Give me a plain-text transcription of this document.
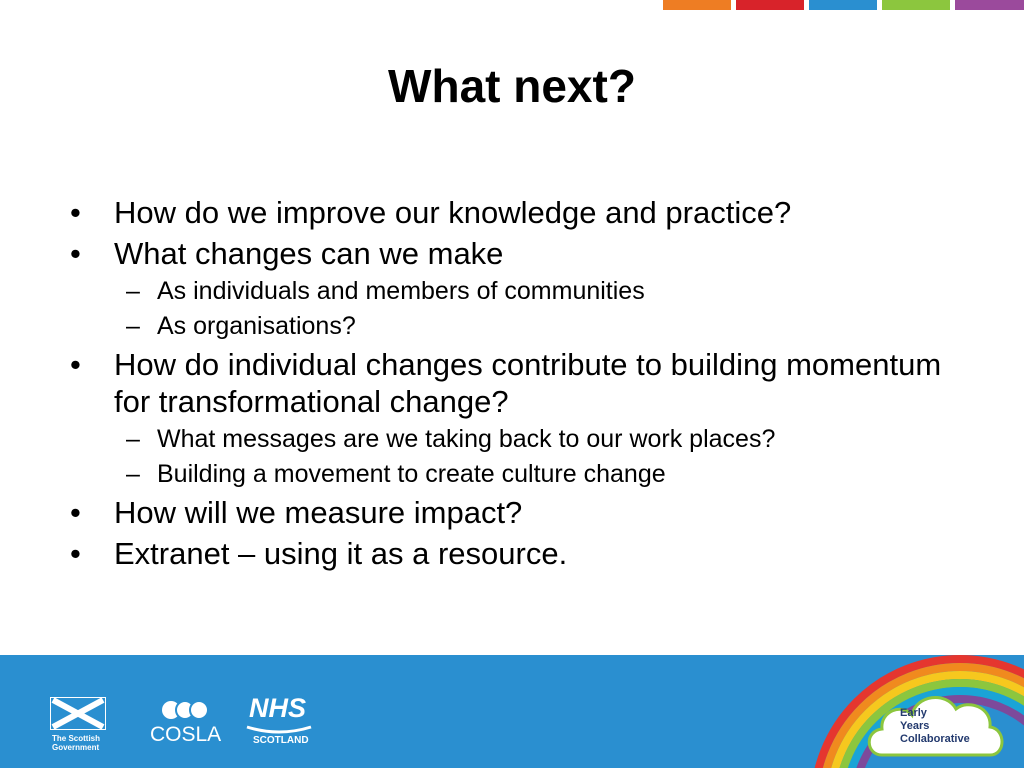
What next?
• How do we improve our knowledge and practice?
• What changes can we make
– As individuals and members of communities
– As organisations?
• How do individual changes contribute to building momentum for transformational change?
– What messages are we taking back to our work places?
– Building a movement to create culture change
• How will we measure impact?
• Extranet – using it as a resource.
The Scottish
Government
COSLA
NHS
SCOTLAND
Early
Years
Collaborative
